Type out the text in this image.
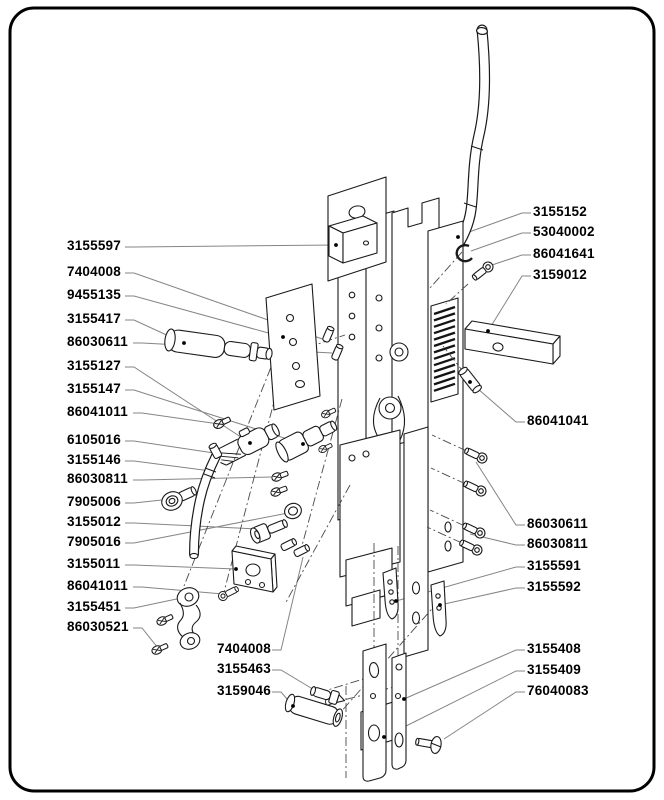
3155597
7404008
9455135
3155417
86030611
3155127
3155147
86041011
6105016
3155146
86030811
7905006
3155012
7905016
3155011
86041011
3155451
86030521
7404008
3155463
3159046
3155152
53040002
86041641
3159012
86041041
86030611
86030811
3155591
3155592
3155408
3155409
76040083
